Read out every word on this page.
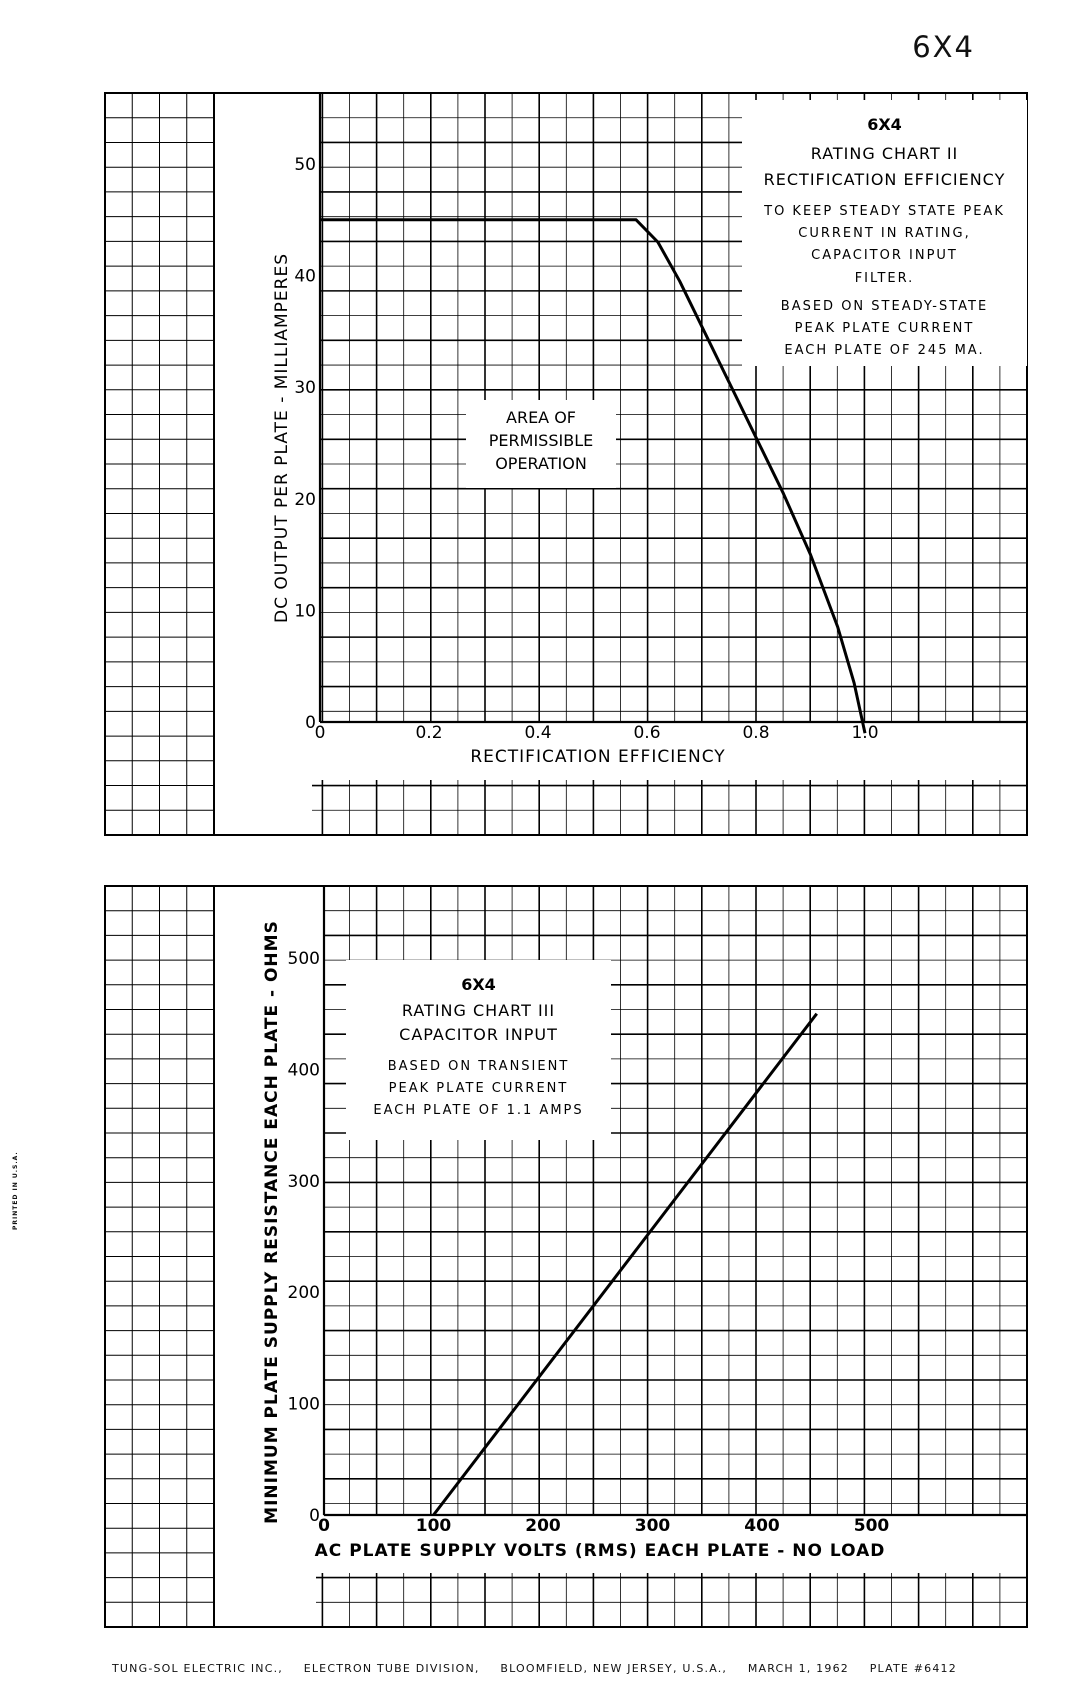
6X4
PRINTED IN U.S.A.
0	0.2	0.4	0.6	0.8	1.0
0
10
20
30
40
50
RECTIFICATION EFFICIENCY
DC OUTPUT PER PLATE - MILLIAMPERES
6X4
RATING CHART II
RECTIFICATION EFFICIENCY
TO KEEP STEADY STATE PEAK
CURRENT IN RATING,
CAPACITOR INPUT
FILTER.
BASED ON STEADY-STATE
PEAK PLATE CURRENT
EACH PLATE OF 245 MA.
AREA OF
PERMISSIBLE
OPERATION
0	100	200	300	400	500
0
100
200
300
400
500
AC PLATE SUPPLY VOLTS (RMS) EACH PLATE - NO LOAD
MINIMUM PLATE SUPPLY RESISTANCE EACH PLATE - OHMS	6X4
RATING CHART III
CAPACITOR INPUT
BASED ON TRANSIENT
PEAK PLATE CURRENT
EACH PLATE OF 1.1 AMPS
TUNG-SOL ELECTRIC INC., ELECTRON TUBE DIVISION, BLOOMFIELD, NEW JERSEY, U.S.A., MARCH 1, 1962 PLATE #6412
